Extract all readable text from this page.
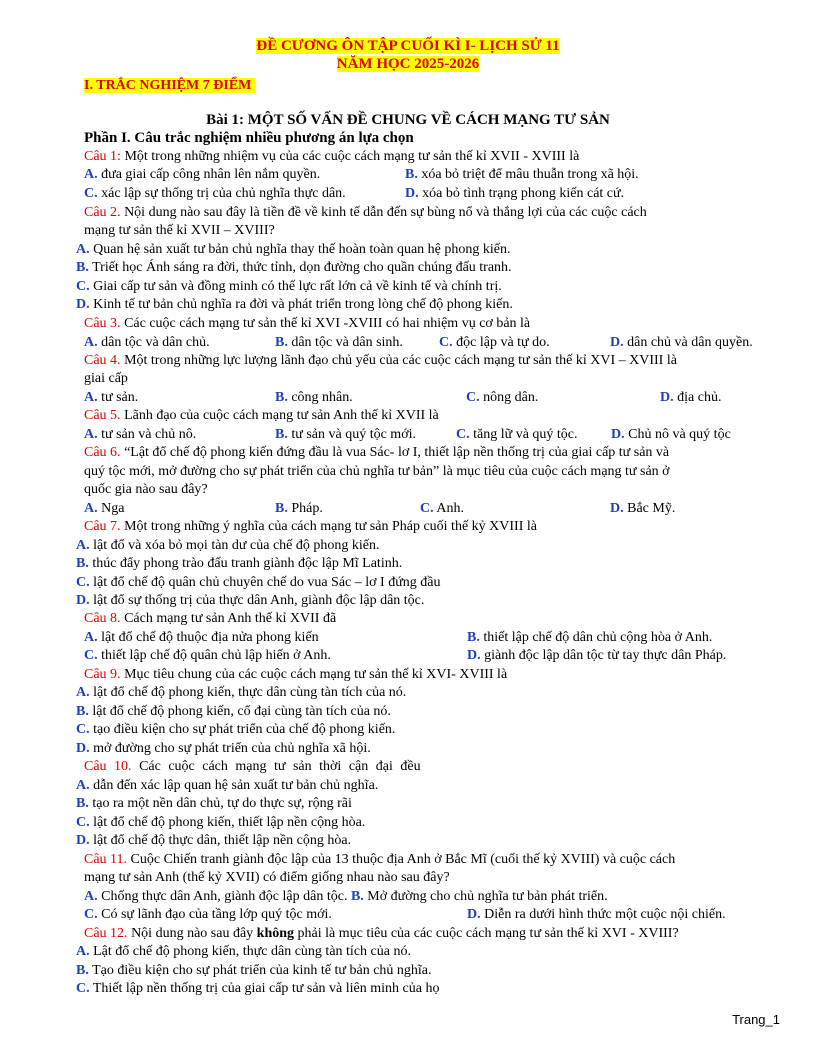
ĐỀ CƯƠNG ÔN TẬP CUỐI KÌ I- LỊCH SỬ 11
NĂM HỌC 2025-2026
I. TRẮC NGHIỆM 7 ĐIỂM
Bài 1: MỘT SỐ VẤN ĐỀ CHUNG VỀ CÁCH MẠNG TƯ SẢN
Phần I. Câu trắc nghiệm nhiều phương án lựa chọn
Câu 1: Một trong những nhiệm vụ của các cuộc cách mạng tư sản thế kỉ XVII - XVIII là
A. đưa giai cấp công nhân lên nắm quyền.	B. xóa bỏ triệt để mâu thuẫn trong xã hội.
C. xác lập sự thống trị của chủ nghĩa thực dân.	D. xóa bỏ tình trạng phong kiến cát cứ.
Câu 2. Nội dung nào sau đây là tiền đề về kinh tế dẫn đến sự bùng nổ và thắng lợi của các cuộc cách
mạng tư sản thế kỉ XVII – XVIII?
A. Quan hệ sản xuất tư bản chủ nghĩa thay thế hoàn toàn quan hệ phong kiến.
B. Triết học Ánh sáng ra đời, thức tỉnh, dọn đường cho quần chúng đấu tranh.
C. Giai cấp tư sản và đồng minh có thế lực rất lớn cả về kinh tế và chính trị.
D. Kinh tế tư bản chủ nghĩa ra đời và phát triển trong lòng chế độ phong kiến.
Câu 3. Các cuộc cách mạng tư sản thế kỉ XVI -XVIII có hai nhiệm vụ cơ bản là
A. dân tộc và dân chủ.	B. dân tộc và dân sinh.	C. độc lập và tự do.	D. dân chủ và dân quyền.
Câu 4. Một trong những lực lượng lãnh đạo chủ yếu của các cuộc cách mạng tư sản thế kỉ XVI – XVIII là
giai cấp
A. tư sản.	B. công nhân.	C. nông dân.	D. địa chủ.
Câu 5. Lãnh đạo của cuộc cách mạng tư sản Anh thế kỉ XVII là
A. tư sản và chủ nô.	B. tư sản và quý tộc mới.	C. tăng lữ và quý tộc. D. Chủ nô và quý tộc
Câu 6. “Lật đổ chế độ phong kiến đứng đầu là vua Sác- lơ I, thiết lập nền thống trị của giai cấp tư sản và
quý tộc mới, mở đường cho sự phát triển của chủ nghĩa tư bản” là mục tiêu của cuộc cách mạng tư sản ở
quốc gia nào sau đây?
A. Nga	B. Pháp.	C. Anh.	D. Bắc Mỹ.
Câu 7. Một trong những ý nghĩa của cách mạng tư sản Pháp cuối thế kỷ XVIII là
A. lật đổ và xóa bỏ mọi tàn dư của chế độ phong kiến.
B. thúc đẩy phong trào đấu tranh giành độc lập Mĩ Latinh.
C. lật đổ chế độ quân chủ chuyên chế do vua Sác – lơ I đứng đầu
D. lật đổ sự thống trị của thực dân Anh, giành độc lập dân tộc.
Câu 8. Cách mạng tư sản Anh thế kỉ XVII đã
A. lật đổ chế độ thuộc địa nửa phong kiến	B. thiết lập chế độ dân chủ cộng hòa ở Anh.
C. thiết lập chế độ quân chủ lập hiến ở Anh.	D. giành độc lập dân tộc từ tay thực dân Pháp.
Câu 9. Mục tiêu chung của các cuộc cách mạng tư sản thế kỉ XVI- XVIII là
A. lật đổ chế độ phong kiến, thực dân cùng tàn tích của nó.
B. lật đổ chế độ phong kiến, cổ đại cùng tàn tích của nó.
C. tạo điều kiện cho sự phát triển của chế độ phong kiến.
D. mở đường cho sự phát triển của chủ nghĩa xã hội.
Câu 10. Các cuộc cách mạng tư sản thời cận đại đều
A. dẫn đến xác lập quan hệ sản xuất tư bản chủ nghĩa.
B. tạo ra một nền dân chủ, tự do thực sự, rộng rãi
C. lật đổ chế độ phong kiến, thiết lập nền cộng hòa.
D. lật đổ chế độ thực dân, thiết lập nền cộng hòa.
Câu 11. Cuộc Chiến tranh giành độc lập của 13 thuộc địa Anh ở Bắc Mĩ (cuối thế kỷ XVIII) và cuộc cách
mạng tư sản Anh (thế kỷ XVII) có điểm giống nhau nào sau đây?
A. Chống thực dân Anh, giành độc lập dân tộc. B. Mở đường cho chủ nghĩa tư bản phát triển.
C. Có sự lãnh đạo của tầng lớp quý tộc mới.	D. Diễn ra dưới hình thức một cuộc nội chiến.
Câu 12. Nội dung nào sau đây không phải là mục tiêu của các cuộc cách mạng tư sản thế kỉ XVI - XVIII?
A. Lật đổ chế độ phong kiến, thực dân cùng tàn tích của nó.
B. Tạo điều kiện cho sự phát triển của kinh tế tư bản chủ nghĩa.
C. Thiết lập nền thống trị của giai cấp tư sản và liên minh của họ
Trang_1
